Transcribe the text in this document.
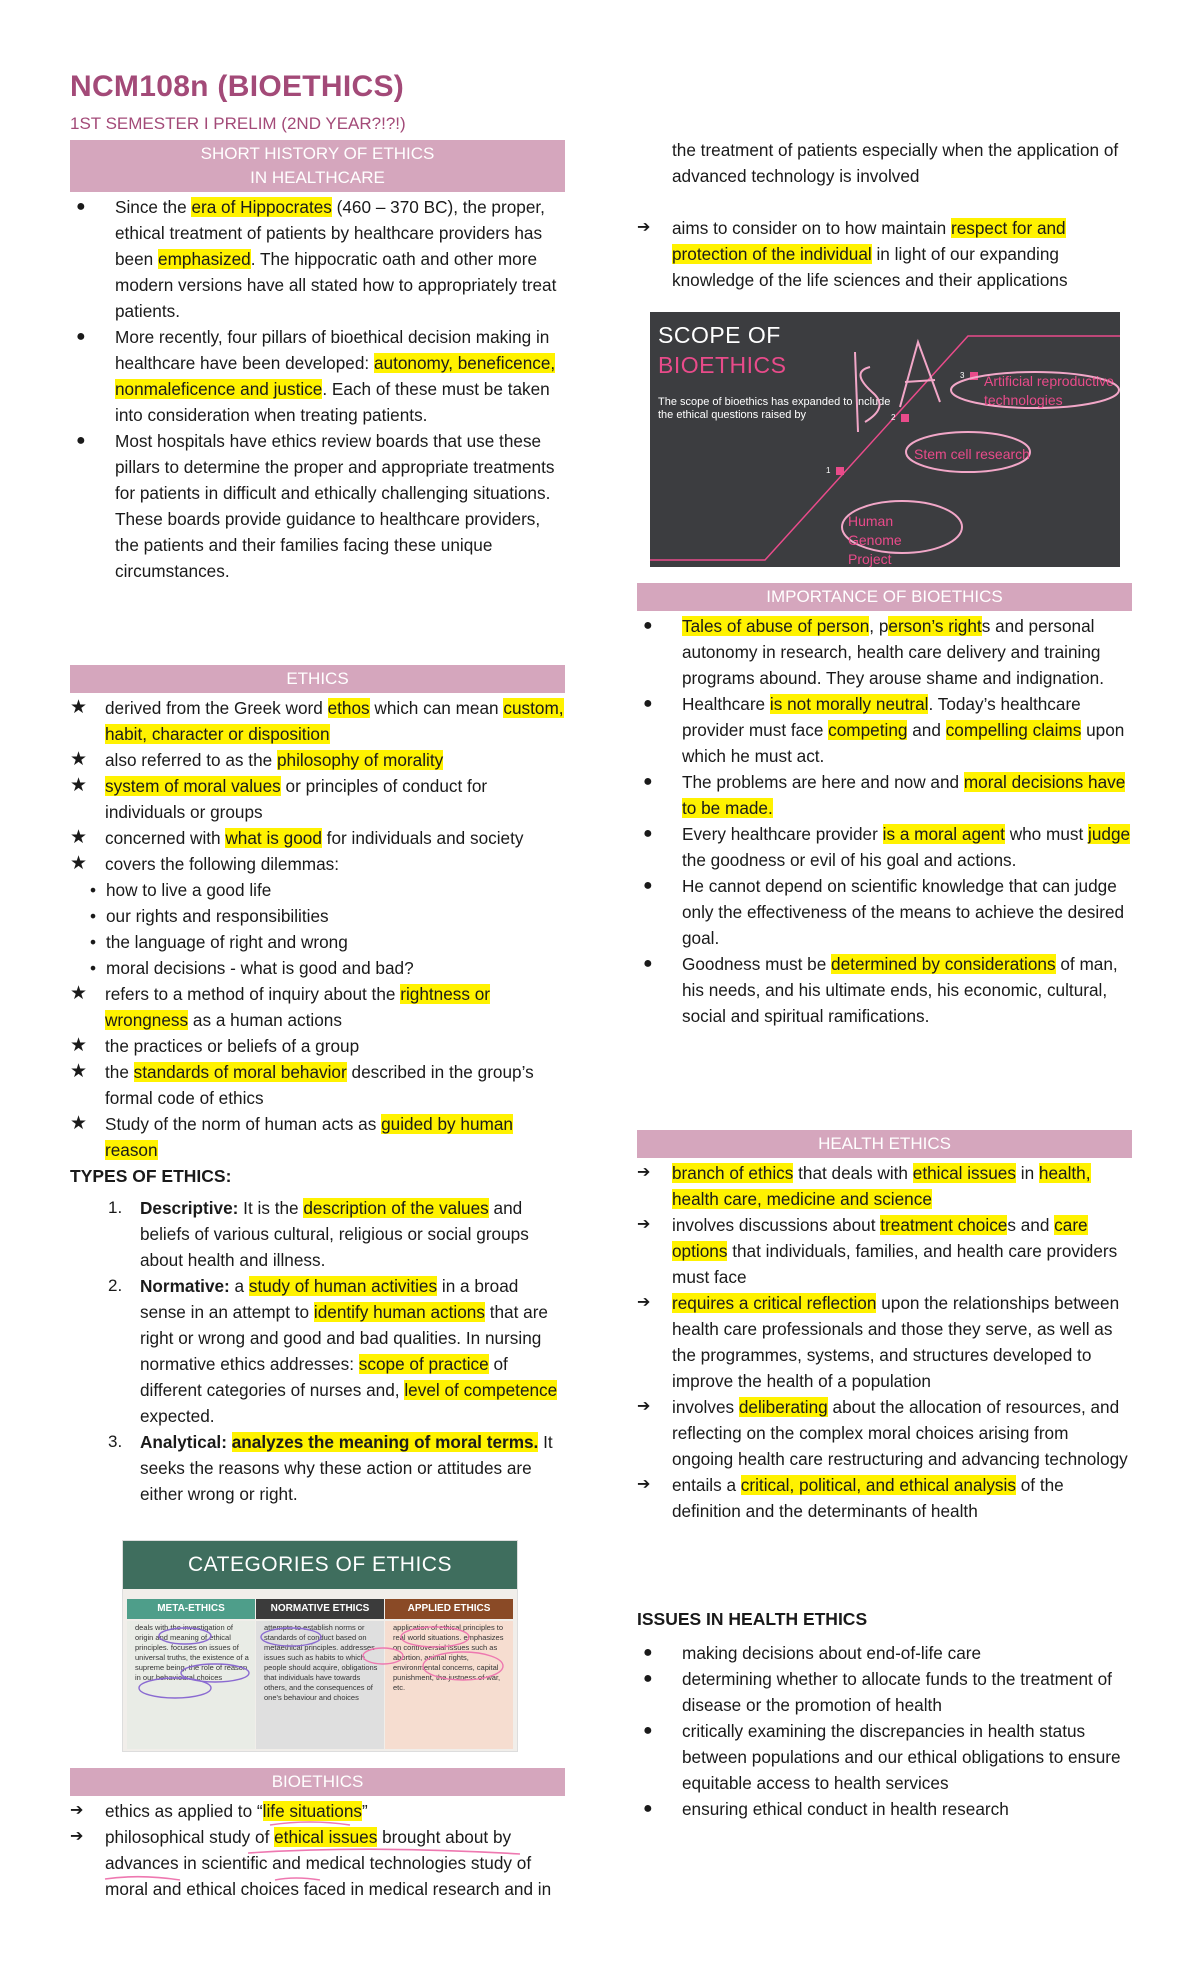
NCM108n (BIOETHICS)
1ST SEMESTER I PRELIM (2ND YEAR?!?!)
SHORT HISTORY OF ETHICS
IN HEALTHCARE
● Since the era of Hippocrates (460 – 370 BC), the proper, ethical treatment of patients by healthcare providers has been emphasized. The hippocratic oath and other more modern versions have all stated how to appropriately treat patients.
● More recently, four pillars of bioethical decision making in healthcare have been developed: autonomy, beneficence, nonmaleficence and justice. Each of these must be taken into consideration when treating patients.
● Most hospitals have ethics review boards that use these pillars to determine the proper and appropriate treatments for patients in difficult and ethically challenging situations. These boards provide guidance to healthcare providers, the patients and their families facing these unique circumstances.
ETHICS
★ derived from the Greek word ethos which can mean custom, habit, character or disposition
★ also referred to as the philosophy of morality
★ system of moral values or principles of conduct for individuals or groups
★ concerned with what is good for individuals and society
★ covers the following dilemmas:
• how to live a good life
• our rights and responsibilities
• the language of right and wrong
• moral decisions - what is good and bad?
★ refers to a method of inquiry about the rightness or wrongness as a human actions
★ the practices or beliefs of a group
★ the standards of moral behavior described in the group’s formal code of ethics
★ Study of the norm of human acts as guided by human reason
TYPES OF ETHICS:
1. Descriptive: It is the description of the values and beliefs of various cultural, religious or social groups about health and illness.
2. Normative: a study of human activities in a broad sense in an attempt to identify human actions that are right or wrong and good and bad qualities. In nursing normative ethics addresses: scope of practice of different categories of nurses and, level of competence expected.
3. Analytical: analyzes the meaning of moral terms. It seeks the reasons why these action or attitudes are either wrong or right.
CATEGORIES OF ETHICS
META-ETHICS	NORMATIVE ETHICS	APPLIED ETHICS
deals with the investigation of origin and meaning of ethical principles. focuses on issues of universal truths, the existence of a supreme being, the role of reason in our behavioural choices
attempts to establish norms or standards of conduct based on metaethical principles. addresses issues such as habits to which people should acquire, obligations that individuals have towards others, and the consequences of one's behaviour and choices
application of ethical principles to real world situations. emphasizes on controversial issues such as abortion, animal rights, environmental concerns, capital punishment, the justness of war, etc.
BIOETHICS
➔ ethics as applied to “life situations”
➔ philosophical study of ethical issues brought about by advances in scientific and medical technologies study of moral and ethical choices faced in medical research and in
the treatment of patients especially when the application of advanced technology is involved
➔ aims to consider on to how maintain respect for and protection of the individual in light of our expanding knowledge of the life sciences and their applications
SCOPE OF
BIOETHICS
The scope of bioethics has expanded to include the ethical questions raised by
3
2
1
Artificial reproductive technologies
Stem cell research
Human Genome Project
IMPORTANCE OF BIOETHICS
● Tales of abuse of person, person’s rights and personal autonomy in research, health care delivery and training programs abound. They arouse shame and indignation.
● Healthcare is not morally neutral. Today’s healthcare provider must face competing and compelling claims upon which he must act.
● The problems are here and now and moral decisions have to be made.
● Every healthcare provider is a moral agent who must judge the goodness or evil of his goal and actions.
● He cannot depend on scientific knowledge that can judge only the effectiveness of the means to achieve the desired goal.
● Goodness must be determined by considerations of man, his needs, and his ultimate ends, his economic, cultural, social and spiritual ramifications.
HEALTH ETHICS
➔ branch of ethics that deals with ethical issues in health, health care, medicine and science
➔ involves discussions about treatment choices and care options that individuals, families, and health care providers must face
➔ requires a critical reflection upon the relationships between health care professionals and those they serve, as well as the programmes, systems, and structures developed to improve the health of a population
➔ involves deliberating about the allocation of resources, and reflecting on the complex moral choices arising from ongoing health care restructuring and advancing technology
➔ entails a critical, political, and ethical analysis of the definition and the determinants of health
ISSUES IN HEALTH ETHICS
● making decisions about end-of-life care
● determining whether to allocate funds to the treatment of disease or the promotion of health
● critically examining the discrepancies in health status between populations and our ethical obligations to ensure equitable access to health services
● ensuring ethical conduct in health research
